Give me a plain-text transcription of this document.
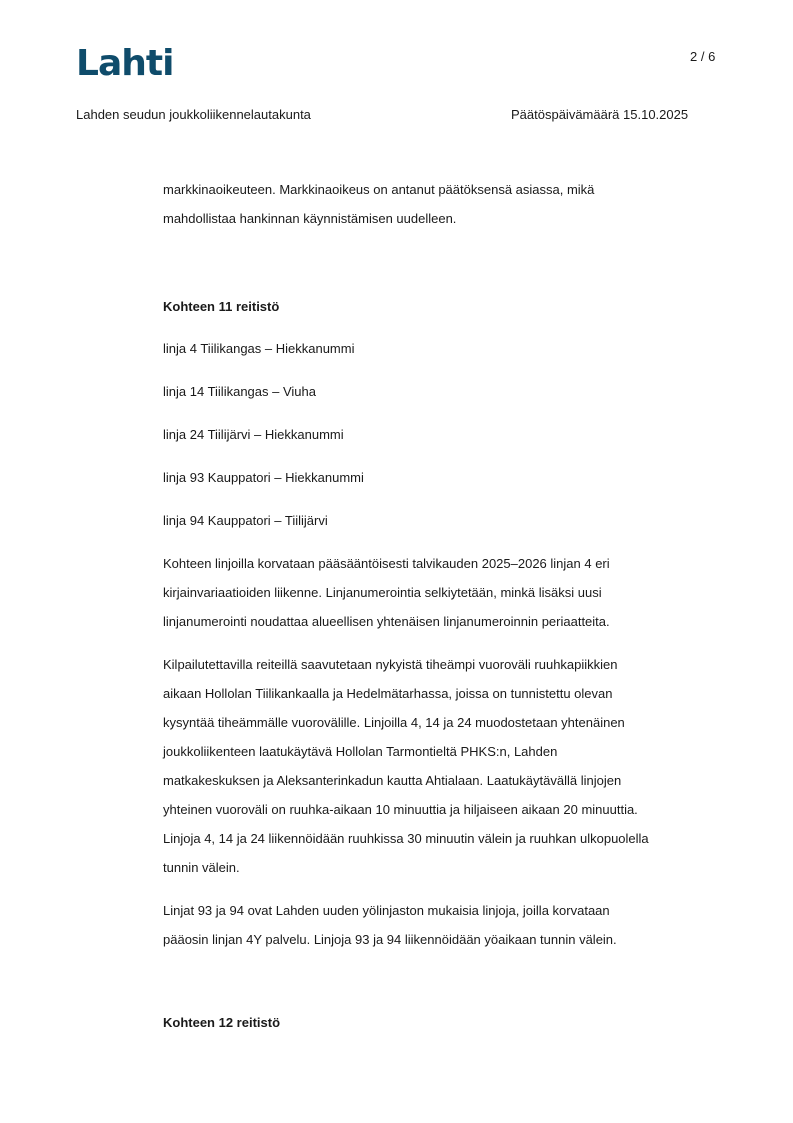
Lahti	2 / 6
Lahden seudun joukkoliikennelautakunta	Päätöspäivämäärä 15.10.2025
markkinaoikeuteen. Markkinaoikeus on antanut päätöksensä asiassa, mikä
mahdollistaa hankinnan käynnistämisen uudelleen.
Kohteen 11 reitistö
linja 4 Tiilikangas – Hiekkanummi
linja 14 Tiilikangas – Viuha
linja 24 Tiilijärvi – Hiekkanummi
linja 93 Kauppatori – Hiekkanummi
linja 94 Kauppatori – Tiilijärvi
Kohteen linjoilla korvataan pääsääntöisesti talvikauden 2025–2026 linjan 4 eri
kirjainvariaatioiden liikenne. Linjanumerointia selkiytetään, minkä lisäksi uusi
linjanumerointi noudattaa alueellisen yhtenäisen linjanumeroinnin periaatteita.
Kilpailutettavilla reiteillä saavutetaan nykyistä tiheämpi vuoroväli ruuhkapiikkien
aikaan Hollolan Tiilikankaalla ja Hedelmätarhassa, joissa on tunnistettu olevan
kysyntää tiheämmälle vuorovälille. Linjoilla 4, 14 ja 24 muodostetaan yhtenäinen
joukkoliikenteen laatukäytävä Hollolan Tarmontieltä PHKS:n, Lahden
matkakeskuksen ja Aleksanterinkadun kautta Ahtialaan. Laatukäytävällä linjojen
yhteinen vuoroväli on ruuhka-aikaan 10 minuuttia ja hiljaiseen aikaan 20 minuuttia.
Linjoja 4, 14 ja 24 liikennöidään ruuhkissa 30 minuutin välein ja ruuhkan ulkopuolella
tunnin välein.
Linjat 93 ja 94 ovat Lahden uuden yölinjaston mukaisia linjoja, joilla korvataan
pääosin linjan 4Y palvelu. Linjoja 93 ja 94 liikennöidään yöaikaan tunnin välein.
Kohteen 12 reitistö
